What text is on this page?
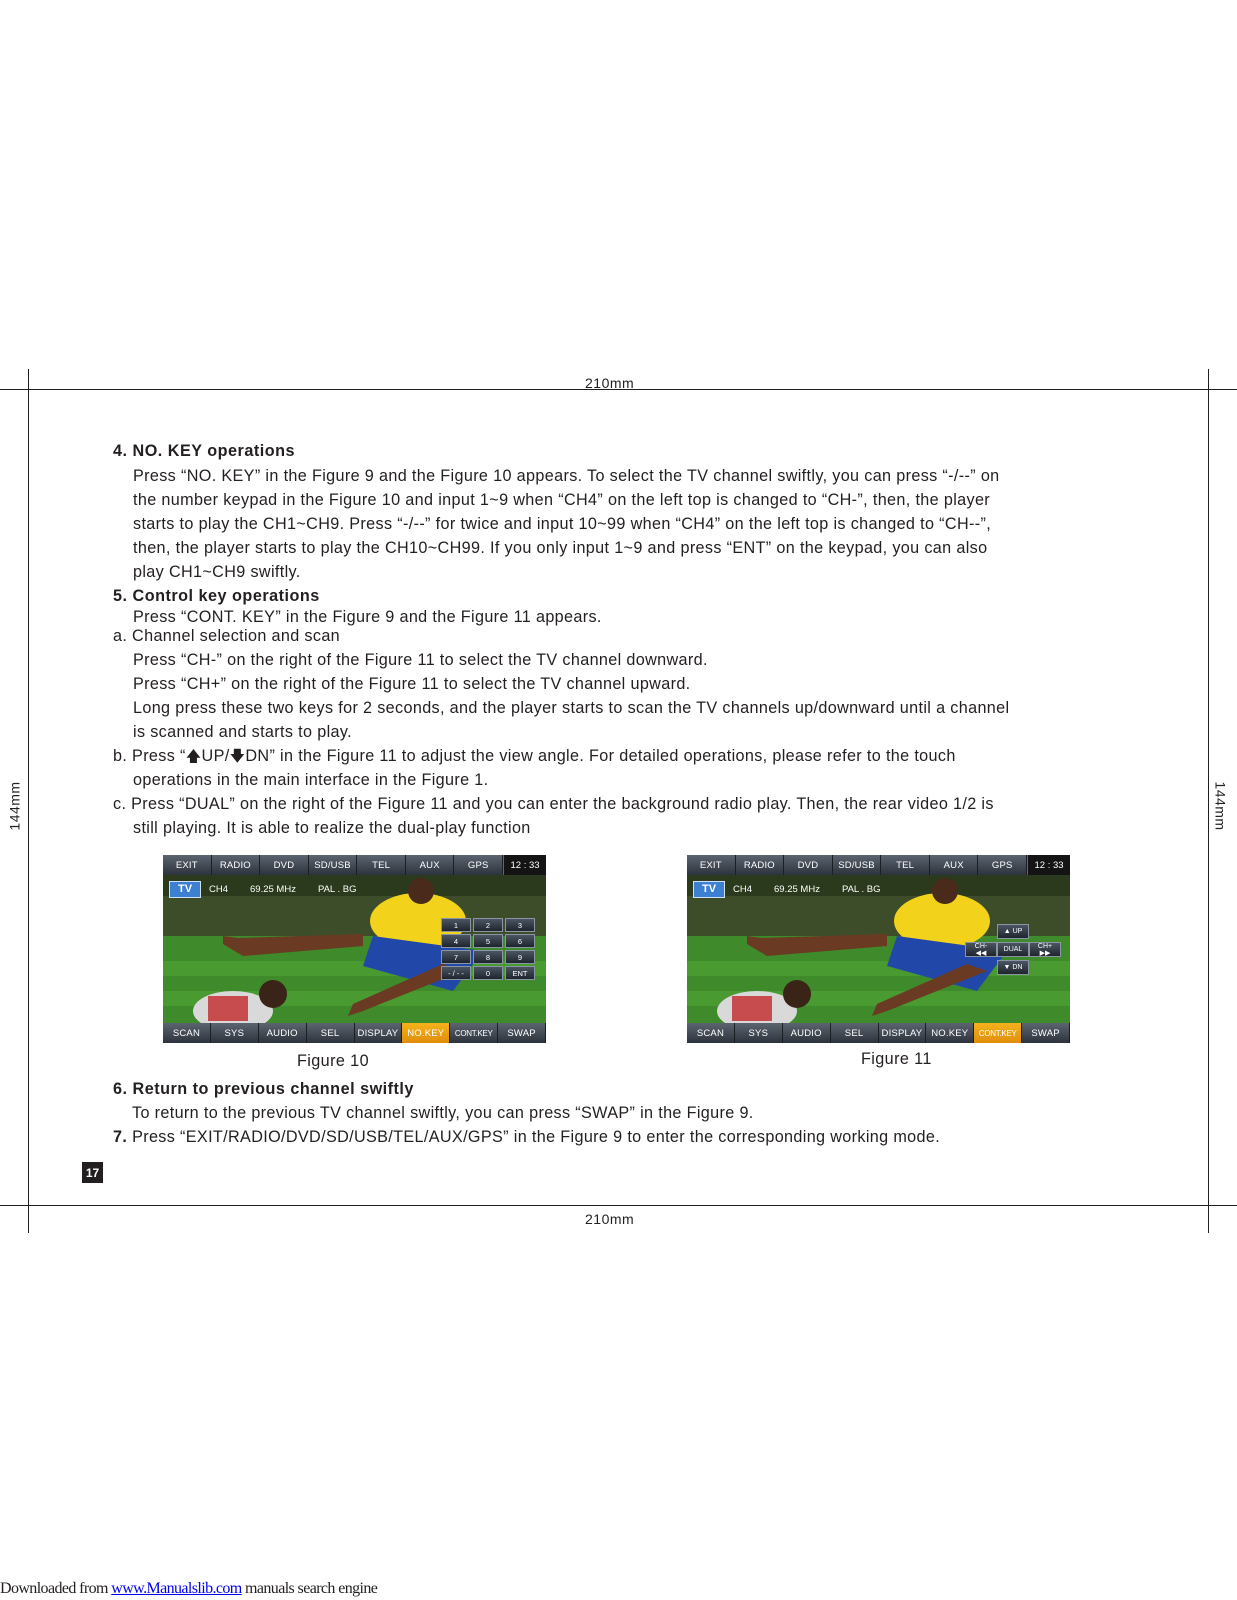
210mm
210mm
144mm	144mm
4. NO. KEY operations
Press “NO. KEY” in the Figure 9 and the Figure 10 appears. To select the TV channel swiftly, you can press “-/--” on
the number keypad in the Figure 10 and input 1~9 when “CH4” on the left top is changed to “CH-”, then, the player
starts to play the CH1~CH9. Press “-/--” for twice and input 10~99 when “CH4” on the left top is changed to “CH--”,
then, the player starts to play the CH10~CH99. If you only input 1~9 and press “ENT” on the keypad, you can also
play CH1~CH9 swiftly.
5. Control key operations
Press “CONT. KEY” in the Figure 9 and the Figure 11 appears.
a. Channel selection and scan
Press “CH-” on the right of the Figure 11 to select the TV channel downward.
Press “CH+” on the right of the Figure 11 to select the TV channel upward.
Long press these two keys for 2 seconds, and the player starts to scan the TV channels up/downward until a channel
is scanned and starts to play.
b. Press “🡅UP/🡇DN” in the Figure 11 to adjust the view angle. For detailed operations, please refer to the touch
operations in the main interface in the Figure 1.
c. Press “DUAL” on the right of the Figure 11 and you can enter the background radio play. Then, the rear video 1/2 is
still playing. It is able to realize the dual-play function
EXIT	RADIO	DVD	SD/USB	TEL	AUX	GPS	12 : 33
TV	CH4 69.25 MHz PAL . BG
1	2	3
4	5	6
7	8	9
- / - -	0	ENT
SCAN	SYS	AUDIO	SEL	DISPLAY NO.KEY	CONT.KEY	SWAP
Figure 10
EXIT	RADIO	DVD	SD/USB	TEL	AUX	GPS	12 : 33
TV	CH4 69.25 MHz PAL . BG
▲ UP
CH-
◀◀	DUAL	CH+
▶▶
▼ DN
SCAN	SYS	AUDIO	SEL	DISPLAY NO.KEY	CONT.KEY	SWAP
Figure 11
6. Return to previous channel swiftly
To return to the previous TV channel swiftly, you can press “SWAP” in the Figure 9.
7. Press “EXIT/RADIO/DVD/SD/USB/TEL/AUX/GPS” in the Figure 9 to enter the corresponding working mode.
17
Downloaded from www.Manualslib.com manuals search engine
